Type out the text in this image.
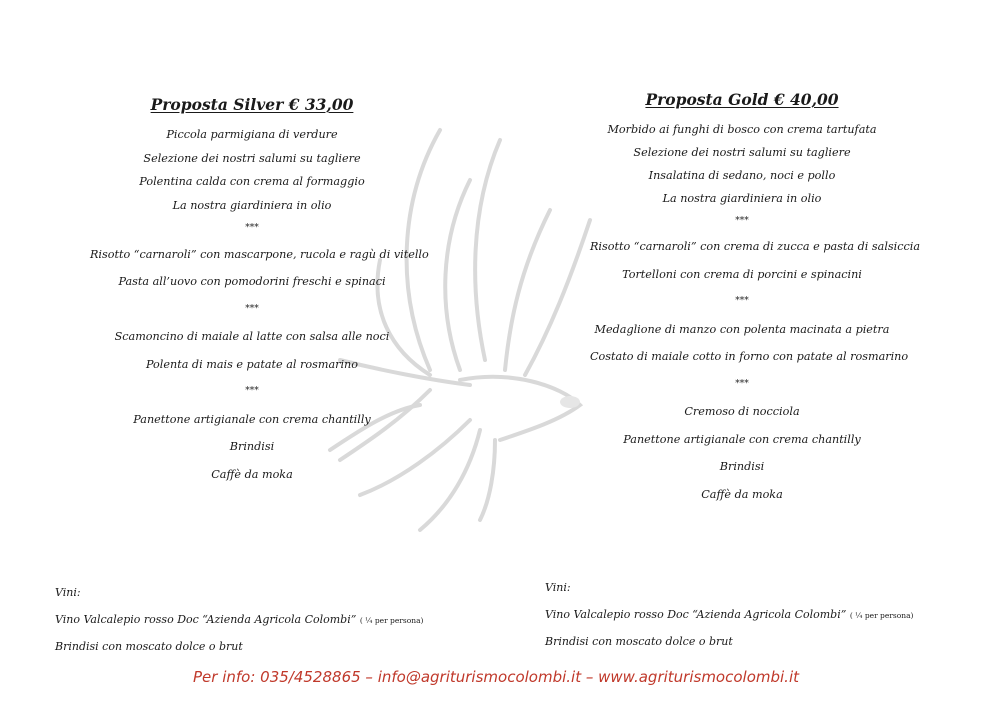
Proposta Silver € 33,00
Piccola parmigiana di verdure
Selezione dei nostri salumi su tagliere
Polentina calda con crema al formaggio
La nostra giardiniera in olio
***
Risotto “carnaroli” con mascarpone, rucola e ragù di vitello
Pasta all’uovo con pomodorini freschi e spinaci
***
Scamoncino di maiale al latte con salsa alle noci
Polenta di mais e patate al rosmarino
***
Panettone artigianale con crema chantilly
Brindisi
Caffè da moka
Proposta Gold € 40,00
Morbido ai funghi di bosco con crema tartufata
Selezione dei nostri salumi su tagliere
Insalatina di sedano, noci e pollo
La nostra giardiniera in olio
***
Risotto “carnaroli” con crema di zucca e pasta di salsiccia
Tortelloni con crema di porcini e spinacini
***
Medaglione di manzo con polenta macinata a pietra
Costato di maiale cotto in forno con patate al rosmarino
***
Cremoso di nocciola
Panettone artigianale con crema chantilly
Brindisi
Caffè da moka
Vini:
Vino Valcalepio rosso Doc “Azienda Agricola Colombi” ( ¼ per persona)
Brindisi con moscato dolce o brut
Vini:
Vino Valcalepio rosso Doc “Azienda Agricola Colombi” ( ¼ per persona)
Brindisi con moscato dolce o brut
Per info: 035/4528865 – info@agriturismocolombi.it – www.agriturismocolombi.it
